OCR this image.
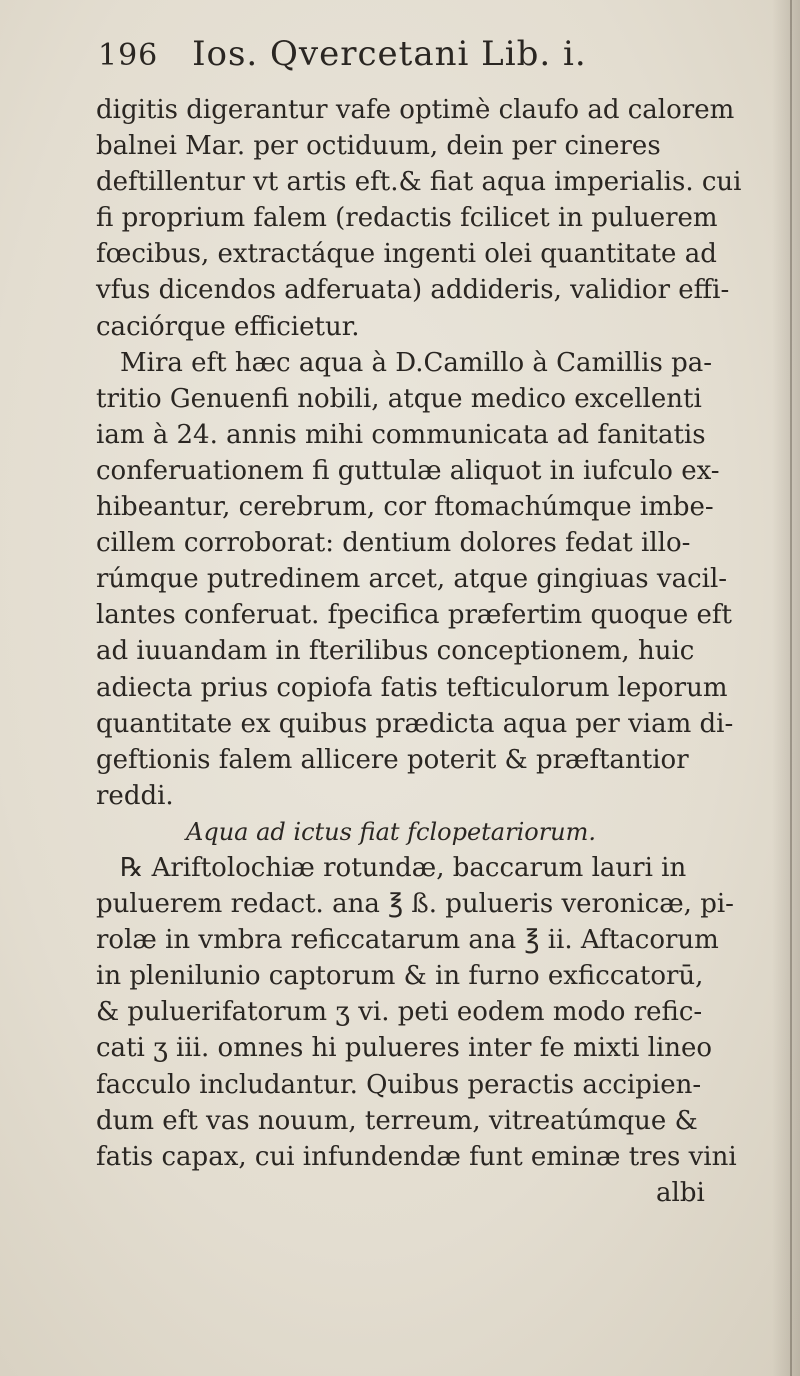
196 Ios. Qvercetani Lib. i.
digitis digerantur vafe optimè claufo ad calorem
balnei Mar. per octiduum, dein per cineres
deftillentur vt artis eft.& fiat aqua imperialis. cui
fi proprium falem (redactis fcilicet in puluerem
fœcibus, extractáque ingenti olei quantitate ad
vfus dicendos adferuata) addideris, validior effi-
caciórque efficietur.
Mira eft hæc aqua à D.Camillo à Camillis pa-
tritio Genuenfi nobili, atque medico excellenti
iam à 24. annis mihi communicata ad fanitatis
conferuationem fi guttulæ aliquot in iufculo ex-
hibeantur, cerebrum, cor ftomachúmque imbe-
cillem corroborat: dentium dolores fedat illo-
rúmque putredinem arcet, atque gingiuas vacil-
lantes conferuat. fpecifica præfertim quoque eft
ad iuuandam in fterilibus conceptionem, huic
adiecta prius copiofa fatis tefticulorum leporum
quantitate ex quibus prædicta aqua per viam di-
geftionis falem allicere poterit & præftantior
reddi.
Aqua ad ictus fiat fclopetariorum.
℞ Ariftolochiæ rotundæ, baccarum lauri in
puluerem redact. ana ℥ ß. pulueris veronicæ, pi-
rolæ in vmbra reficcatarum ana ℥ ii. Aftacorum
in plenilunio captorum & in furno exficcatorū,
& puluerifatorum ʒ vi. peti eodem modo refic-
cati ʒ iii. omnes hi pulueres inter fe mixti lineo
facculo includantur. Quibus peractis accipien-
dum eft vas nouum, terreum, vitreatúmque &
fatis capax, cui infundendæ funt eminæ tres vini
albi
